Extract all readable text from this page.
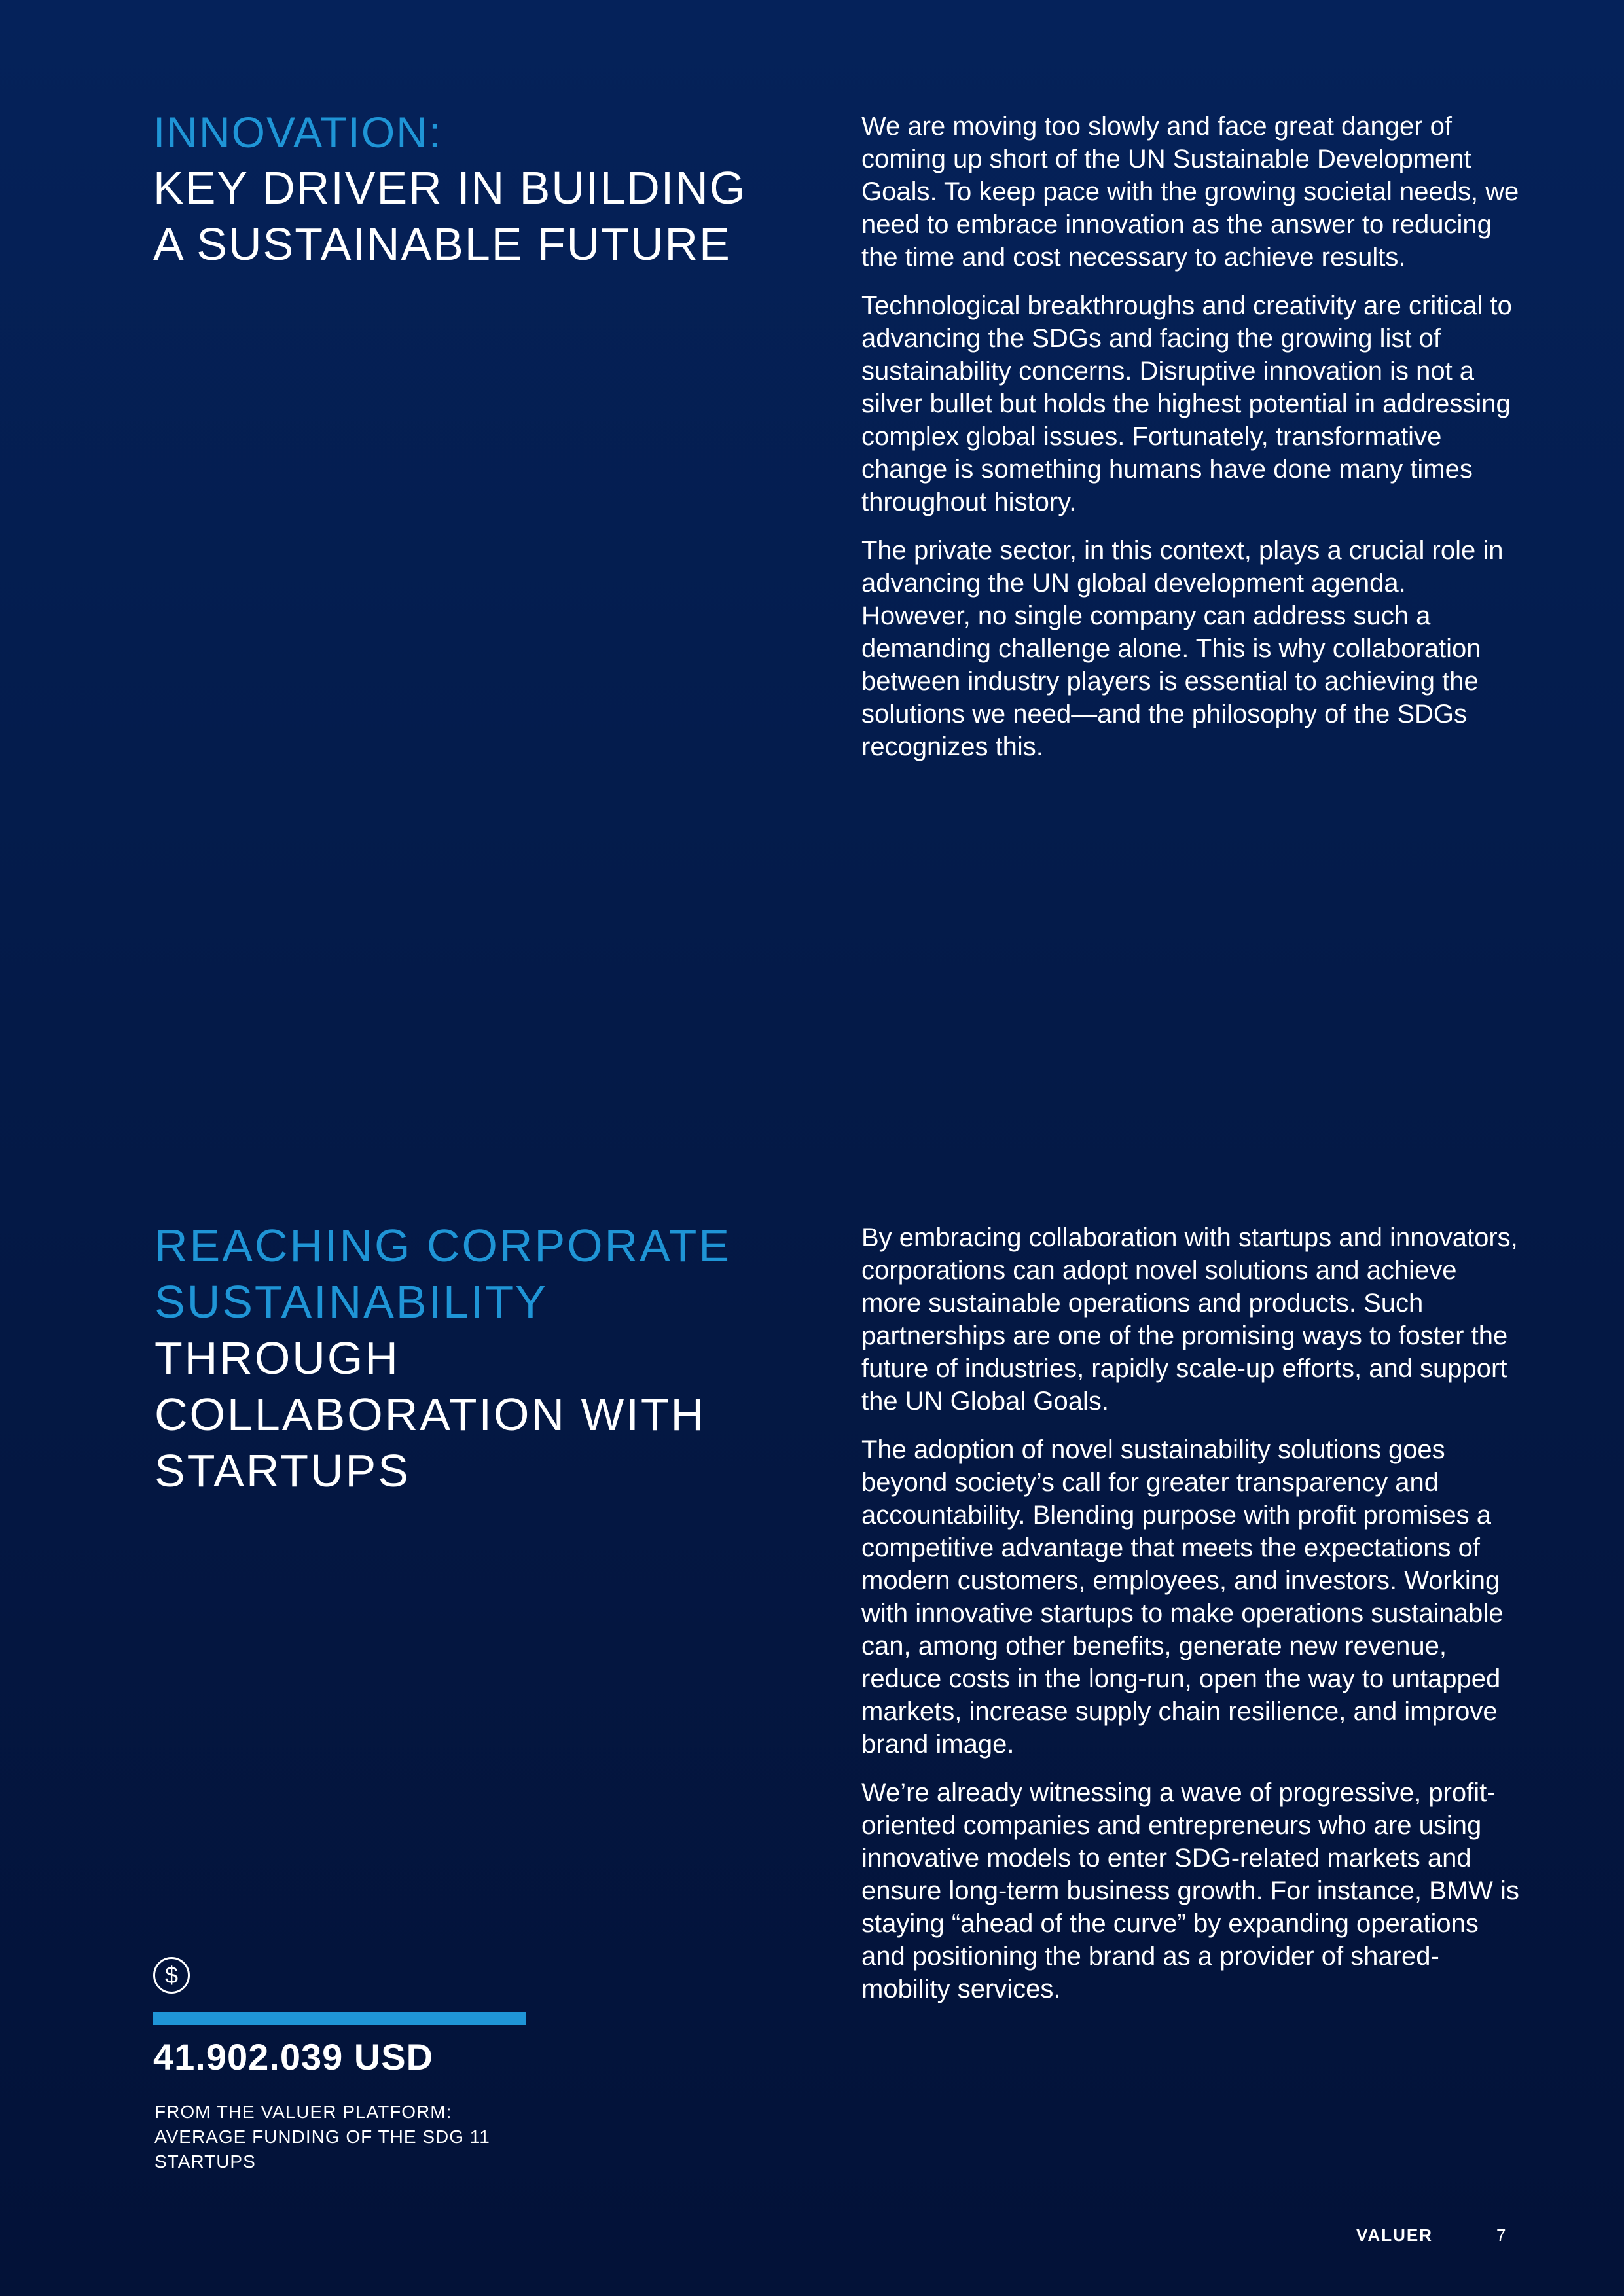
INNOVATION:
KEY DRIVER IN BUILDING
A SUSTAINABLE FUTURE

We are moving too slowly and face great danger of coming up short of the UN Sustainable Development Goals. To keep pace with the growing societal needs, we need to embrace innovation as the answer to reducing the time and cost necessary to achieve results.

Technological breakthroughs and creativity are critical to advancing the SDGs and facing the growing list of sustainability concerns. Disruptive innovation is not a silver bullet but holds the highest potential in addressing complex global issues. Fortunately, transformative change is something humans have done many times throughout history.

The private sector, in this context, plays a crucial role in advancing the UN global development agenda. However, no single company can address such a demanding challenge alone. This is why collaboration between industry players is essential to achieving the solutions we need—and the philosophy of the SDGs recognizes this.

REACHING CORPORATE
SUSTAINABILITY
THROUGH
COLLABORATION WITH
STARTUPS

By embracing collaboration with startups and innovators, corporations can adopt novel solutions and achieve more sustainable operations and products. Such partnerships are one of the promising ways to foster the future of industries, rapidly scale-up efforts, and support the UN Global Goals.

The adoption of novel sustainability solutions goes beyond society’s call for greater transparency and accountability. Blending purpose with profit promises a competitive advantage that meets the expectations of modern customers, employees, and investors. Working with innovative startups to make operations sustainable can, among other benefits, generate new revenue, reduce costs in the long-run, open the way to untapped markets, increase supply chain resilience, and improve brand image.

We’re already witnessing a wave of progressive, profit-oriented companies and entrepreneurs who are using innovative models to enter SDG-related markets and ensure long-term business growth. For instance, BMW is staying “ahead of the curve” by expanding operations and positioning the brand as a provider of shared-mobility services.

$
41.902.039 USD
FROM THE VALUER PLATFORM:
AVERAGE FUNDING OF THE SDG 11
STARTUPS
VALUER	7
